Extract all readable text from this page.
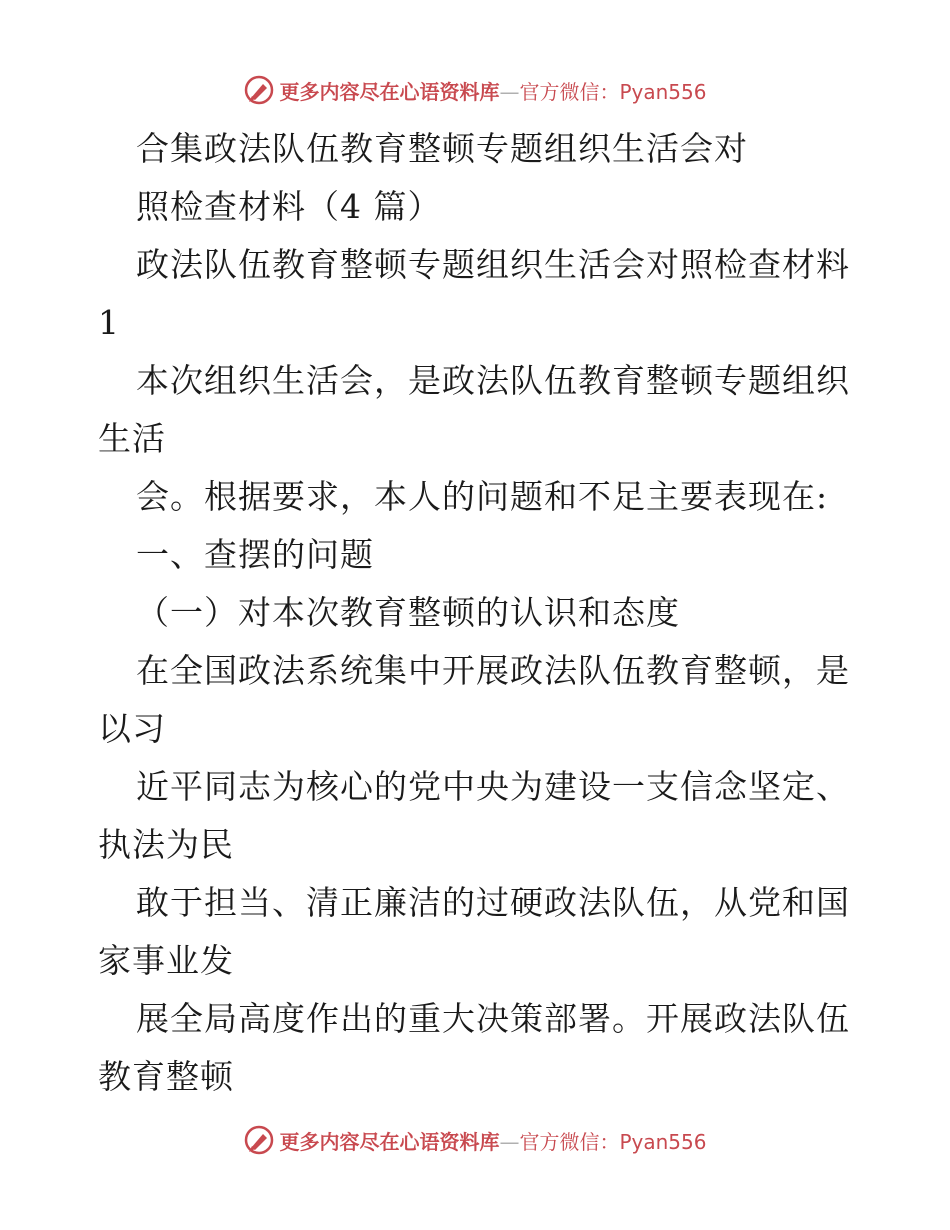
更多内容尽在心语资料库—官方微信：Pyan556
合集政法队伍教育整顿专题组织生活会对
照检查材料（4 篇）
政法队伍教育整顿专题组织生活会对照检查材料
1
本次组织生活会，是政法队伍教育整顿专题组织
生活
会。根据要求，本人的问题和不足主要表现在:
一、查摆的问题
（一）对本次教育整顿的认识和态度
在全国政法系统集中开展政法队伍教育整顿，是
以习
近平同志为核心的党中央为建设一支信念坚定、
执法为民
敢于担当、清正廉洁的过硬政法队伍，从党和国
家事业发
展全局高度作出的重大决策部署。开展政法队伍
教育整顿
更多内容尽在心语资料库—官方微信：Pyan556
